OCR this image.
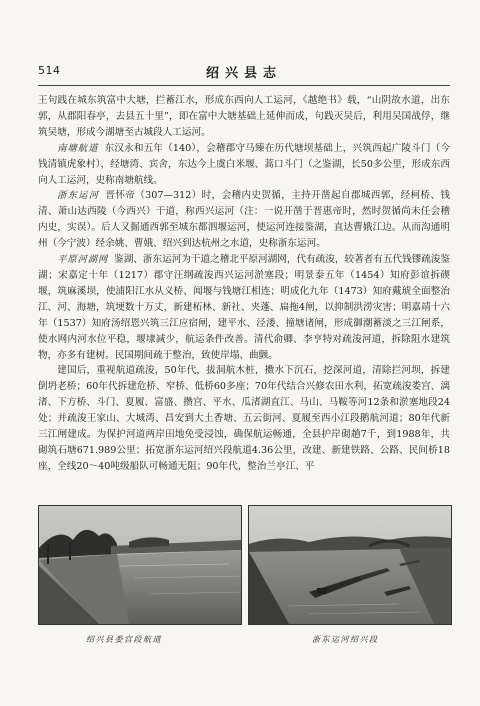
514	绍兴县志

王句践在城东筑富中大塘，拦蓄江水，形成东西向人工运河，《越绝书》载，“山阴故水道，出东郭，从郡阳春亭，去县五十里”，即在富中大塘基础上延伸而成，句践灭吴后，利用吴国战俘，继筑吴塘，形成今湖塘至古城段人工运河。

南塘航道 东汉永和五年（140），会稽郡守马臻在历代塘坝基础上，兴筑西起广陵斗门（今钱清镇虎象村），经塘湾、宾舍，东达今上虞白米堰、蒿口斗门（之鉴湖，长50多公里，形成东西向人工运河，史称南塘航线。

浙东运河 晋怀帝（307—312）时，会稽内史贺循，主持开凿起自郡城西郭，经柯桥、钱清、萧山达西陵（今西兴）干道，称西兴运河（注：一说开凿于晋惠帝时，然时贺循尚未任会稽内史，实误）。后人又掘通西郭至城东都泗堰运河，使运河连接鉴湖，直达曹娥江边。从而沟通明州（今宁波）经余姚、曹娥、绍兴到达杭州之水道，史称浙东运河。

平原河湖网 鉴湖、浙东运河为干道之稽北平原河湖网，代有疏浚，较著者有五代钱镠疏浚鉴湖；宋嘉定十年（1217）郡守汪纲疏浚西兴运河淤塞段；明景泰五年（1454）知府彭谊拆碶堰，筑麻溪坝，使浦阳江水从义桥、闻堰与钱塘江相连；明成化九年（1473）知府戴琥全面整治江、河、海塘，筑埂数十万丈，新建柘林、新社、夹蓬、扁拖4闸，以抑制洪涝灾害；明嘉靖十六年（1537）知府汤绍恩兴筑三江应宿闸，建平水、泾溇、撞塘诸闸，形成御潮蓄淡之三江闸系，使水网内河水位平稳，堰埭减少，航运条件改善。清代俞卿、李亨特对疏浚河道，拆除阻水建筑物，亦多有建树。民国期间疏于整治，致使岸塌、曲颤。

建国后，重视航道疏浚，50年代，拔洞航木桩，擞水下沉石，挖深河道，清除拦河坝，拆建倒坍老桥；60年代拆建危桥、窄桥、低桥60多座；70年代结合兴修农田水利，拓宽疏浚娄宫、漓渚、下方桥、斗门、夏履、富盛、攒宫、平水、瓜渚湖直江、马山、马鞍等河12条和淤塞地段24处；并疏浚王家山、大城湾、昌安到大土香塘、五云街河、夏履至西小江段鹅航河道；80年代新三江闸建成。为保护河道两岸田地免受浸蚀，确保航运畅通，全县护岸砌趟7千，到1988年，共砌筑石塘671.989公里；拓宽浙东运河绍兴段航道4.36公里，改建、新建铁路、公路、民间桥18座，全线20～40吨级船队可畅通无阻；90年代，整治兰亭江、平

绍兴县娄宫段航道	浙东运河绍兴段
